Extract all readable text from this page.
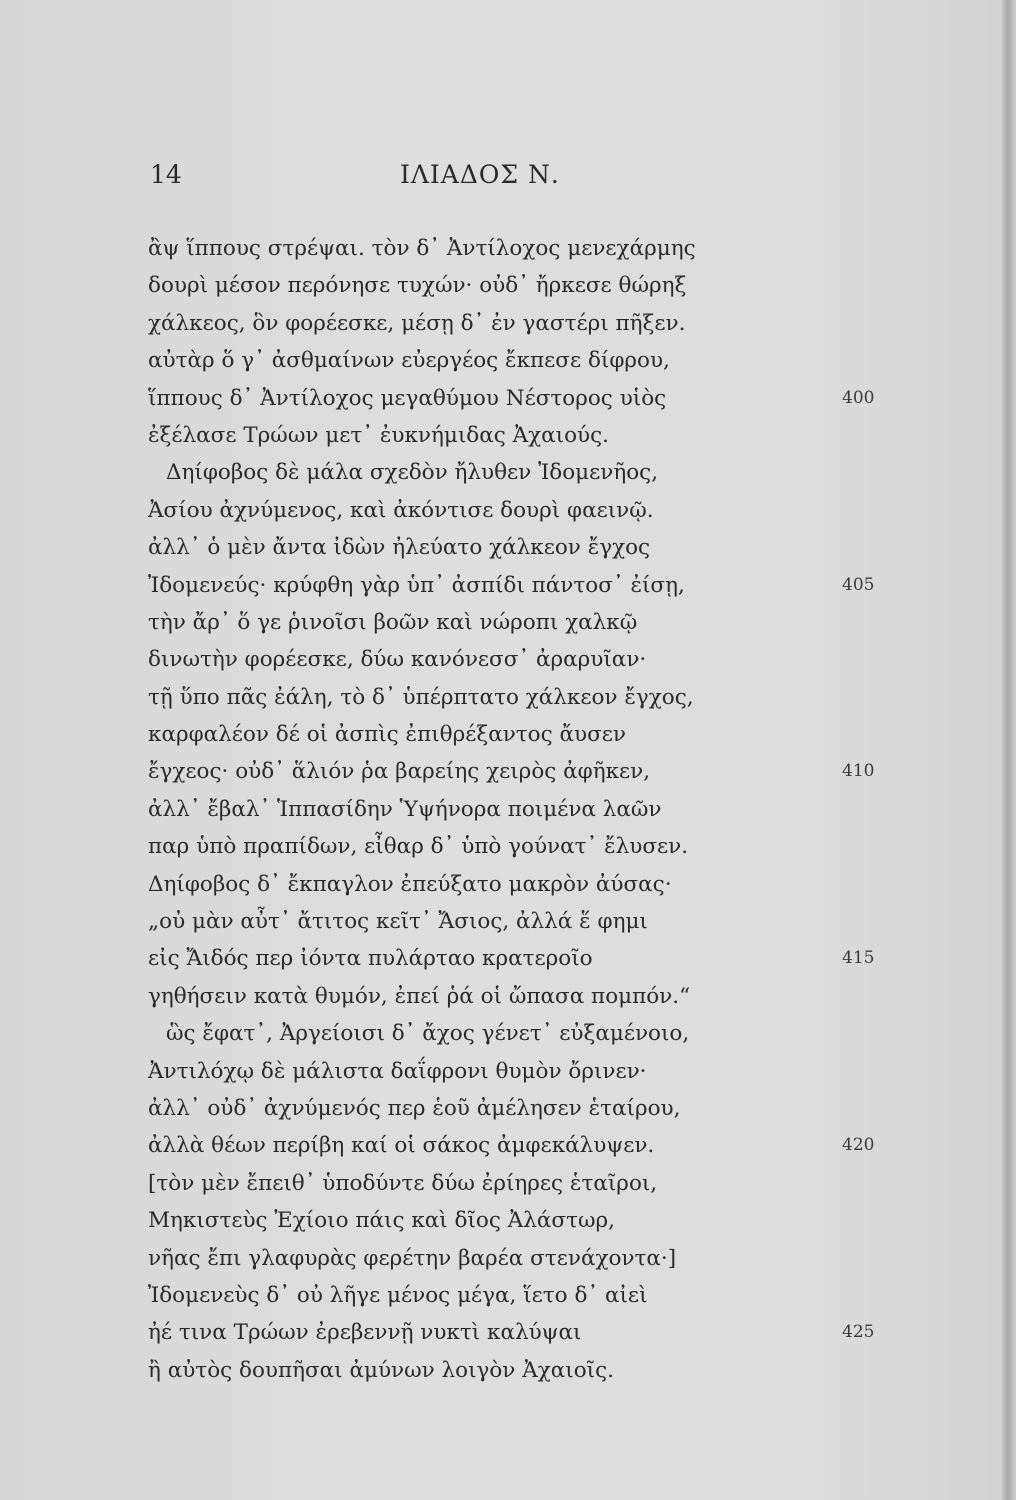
14	ΙΛΙΑΔΟΣ Ν.
ἂψ ἵππους στρέψαι. τὸν δ᾽ Ἀντίλοχος μενεχάρμης
δουρὶ μέσον περόνησε τυχών· οὐδ᾽ ἤρκεσε θώρηξ
χάλκεος, ὃν φορέεσκε, μέσῃ δ᾽ ἐν γαστέρι πῆξεν.
αὐτὰρ ὅ γ᾽ ἀσθμαίνων εὐεργέος ἔκπεσε δίφρου,
ἵππους δ᾽ Ἀντίλοχος μεγαθύμου Νέστορος υἱὸς	400
ἐξέλασε Τρώων μετ᾽ ἐυκνήμιδας Ἀχαιούς.
Δηίφοβος δὲ μάλα σχεδὸν ἤλυθεν Ἰδομενῆος,
Ἀσίου ἀχνύμενος, καὶ ἀκόντισε δουρὶ φαεινῷ.
ἀλλ᾽ ὁ μὲν ἄντα ἰδὼν ἠλεύατο χάλκεον ἔγχος
Ἰδομενεύς· κρύφθη γὰρ ὑπ᾽ ἀσπίδι πάντοσ᾽ ἐίσῃ,	405
τὴν ἄρ᾽ ὅ γε ῥινοῖσι βοῶν καὶ νώροπι χαλκῷ
δινωτὴν φορέεσκε, δύω κανόνεσσ᾽ ἀραρυῖαν·
τῇ ὕπο πᾶς ἐάλη, τὸ δ᾽ ὑπέρπτατο χάλκεον ἔγχος,
καρφαλέον δέ οἱ ἀσπὶς ἐπιθρέξαντος ἄυσεν
ἔγχεος· οὐδ᾽ ἅλιόν ῥα βαρείης χειρὸς ἀφῆκεν,	410
ἀλλ᾽ ἔβαλ᾽ Ἱππασίδην Ὑψήνορα ποιμένα λαῶν
παρ ὑπὸ πραπίδων, εἶθαρ δ᾽ ὑπὸ γούνατ᾽ ἔλυσεν.
Δηίφοβος δ᾽ ἔκπαγλον ἐπεύξατο μακρὸν ἀύσας·
„οὐ μὰν αὖτ᾽ ἄτιτος κεῖτ᾽ Ἄσιος, ἀλλά ἕ φημι
εἰς Ἄιδός περ ἰόντα πυλάρταο κρατεροῖο	415
γηθήσειν κατὰ θυμόν, ἐπεί ῥά οἱ ὤπασα πομπόν.“
ὣς ἔφατ᾽, Ἀργείοισι δ᾽ ἄχος γένετ᾽ εὐξαμένοιο,
Ἀντιλόχῳ δὲ μάλιστα δαΐφρονι θυμὸν ὄρινεν·
ἀλλ᾽ οὐδ᾽ ἀχνύμενός περ ἑοῦ ἀμέλησεν ἑταίρου,
ἀλλὰ θέων περίβη καί οἱ σάκος ἀμφεκάλυψεν.	420
[τὸν μὲν ἔπειθ᾽ ὑποδύντε δύω ἐρίηρες ἑταῖροι,
Μηκιστεὺς Ἐχίοιο πάις καὶ δῖος Ἀλάστωρ,
νῆας ἔπι γλαφυρὰς φερέτην βαρέα στενάχοντα·]
Ἰδομενεὺς δ᾽ οὐ λῆγε μένος μέγα, ἵετο δ᾽ αἰεὶ
ἠέ τινα Τρώων ἐρεβεννῇ νυκτὶ καλύψαι	425
ἢ αὐτὸς δουπῆσαι ἀμύνων λοιγὸν Ἀχαιοῖς.
